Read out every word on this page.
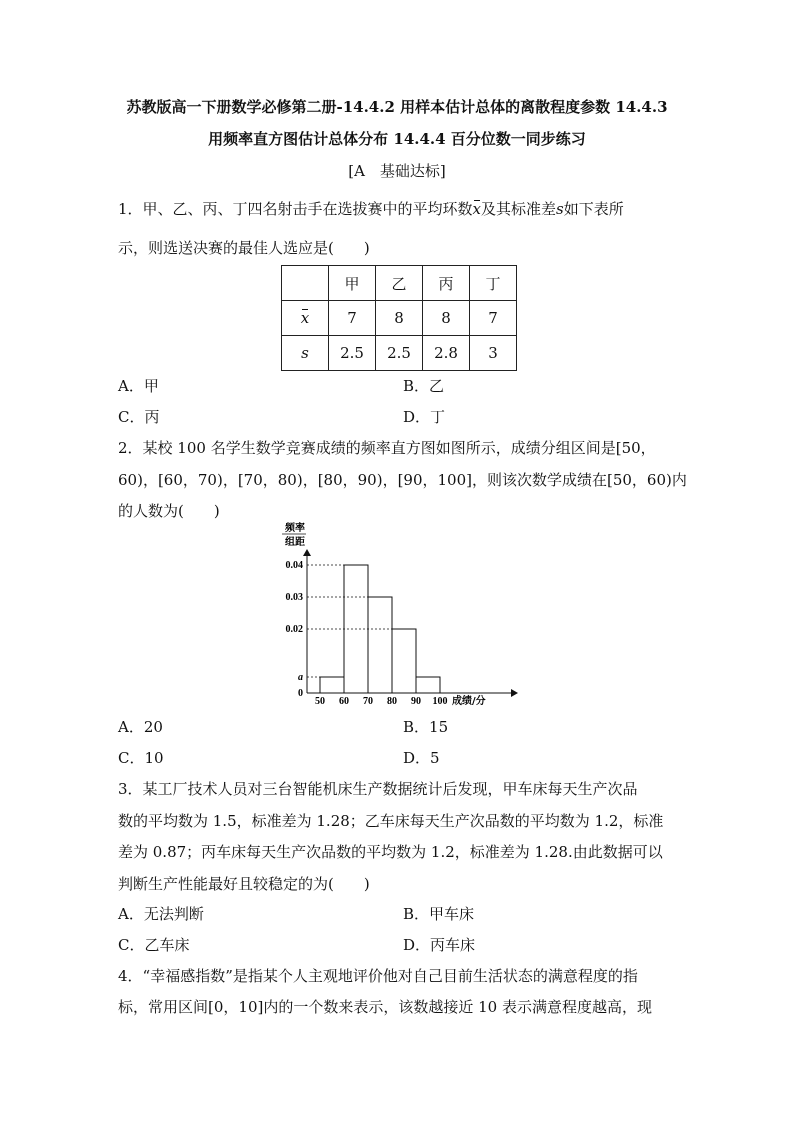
苏教版高一下册数学必修第二册-14.4.2 用样本估计总体的离散程度参数 14.4.3
用频率直方图估计总体分布 14.4.4 百分位数一同步练习
[A　基础达标]
1．甲、乙、丙、丁四名射击手在选拔赛中的平均环数x及其标准差s如下表所
示，则选送决赛的最佳人选应是(　　)
	甲	乙	丙	丁
x	7	8	8	7
s	2.5	2.5	2.8	3
A．甲	B．乙
C．丙	D．丁
2．某校 100 名学生数学竞赛成绩的频率直方图如图所示，成绩分组区间是[50，
60)，[60，70)，[70，80)，[80，90)，[90，100]，则该次数学成绩在[50，60)内
的人数为(　　)
0.04
0.03
0.02
a
0
50 60 70 80 90 100
频率
组距
成绩/分
A．20	B．15
C．10	D．5
3．某工厂技术人员对三台智能机床生产数据统计后发现，甲车床每天生产次品
数的平均数为 1.5，标准差为 1.28；乙车床每天生产次品数的平均数为 1.2，标准
差为 0.87；丙车床每天生产次品数的平均数为 1.2，标准差为 1.28.由此数据可以
判断生产性能最好且较稳定的为(　　)
A．无法判断	B．甲车床
C．乙车床	D．丙车床
4．“幸福感指数”是指某个人主观地评价他对自己目前生活状态的满意程度的指
标，常用区间[0，10]内的一个数来表示，该数越接近 10 表示满意程度越高，现
